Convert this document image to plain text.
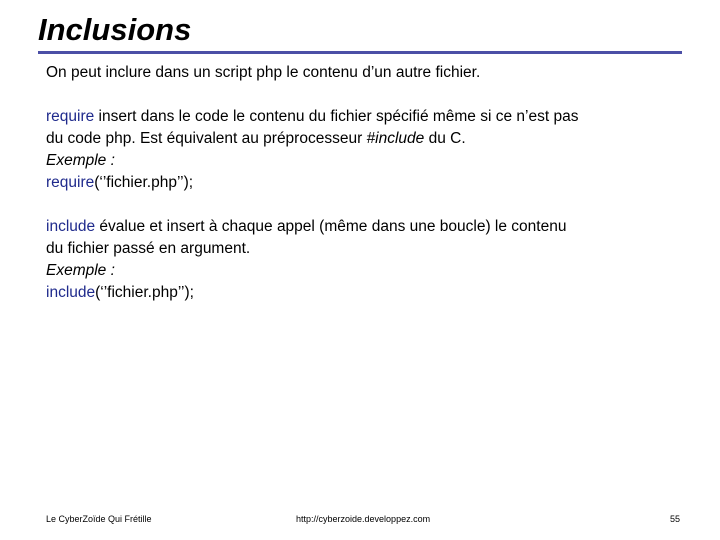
Inclusions

On peut inclure dans un script php le contenu d’un autre fichier.

require insert dans le code le contenu du fichier spécifié même si ce n’est pas
du code php. Est équivalent au préprocesseur #include du C.

Exemple :

require(‘’fichier.php’’);

include évalue et insert à chaque appel (même dans une boucle) le contenu
du fichier passé en argument.

Exemple :

include(‘’fichier.php’’);

Le CyberZoïde Qui Frétille	http://cyberzoide.developpez.com	55
